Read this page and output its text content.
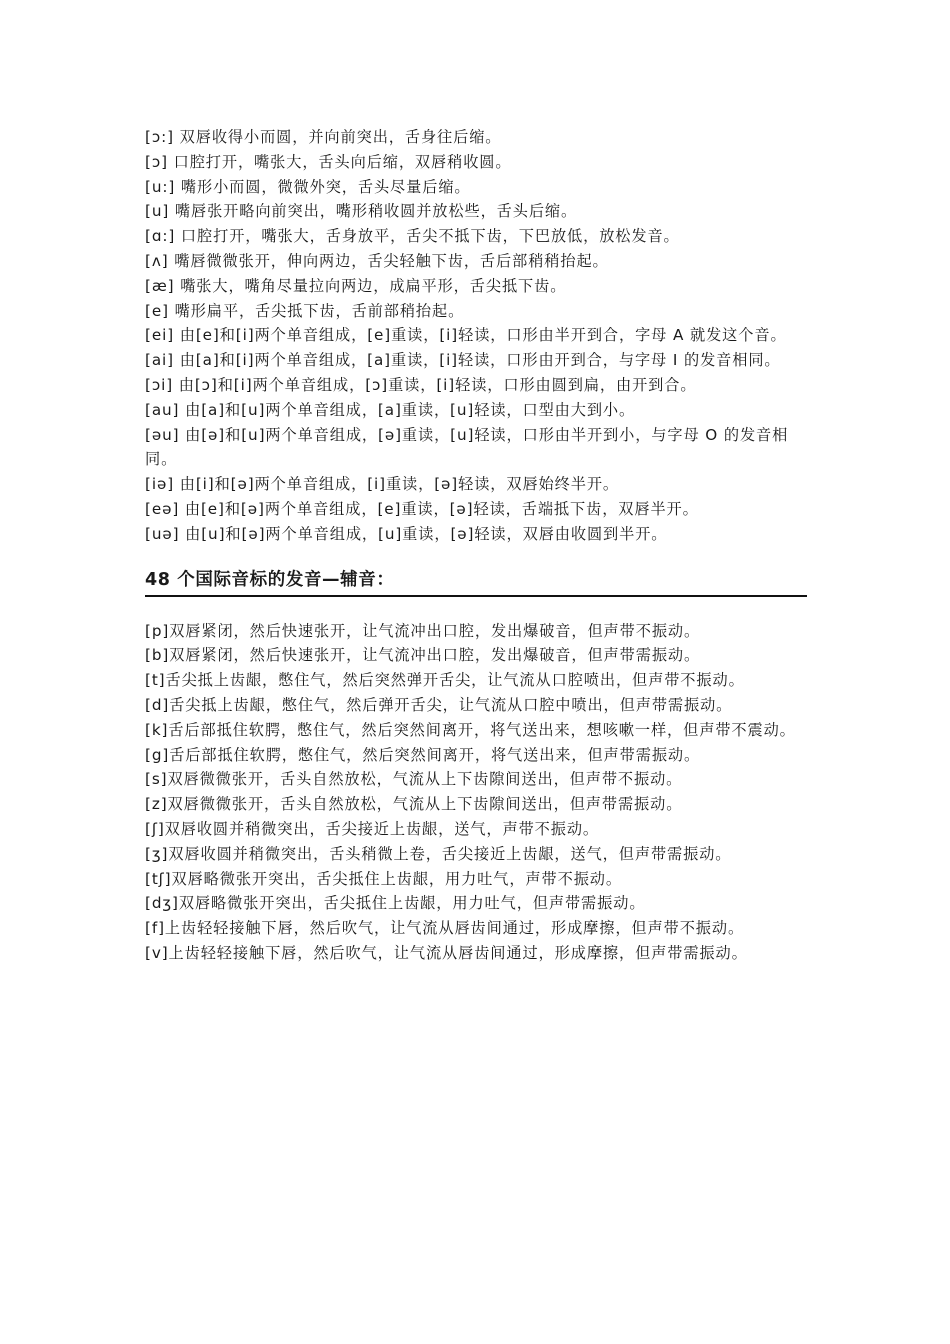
[ɔ:] 双唇收得小而圆，并向前突出，舌身往后缩。

[ɔ] 口腔打开，嘴张大，舌头向后缩，双唇稍收圆。

[u:] 嘴形小而圆，微微外突，舌头尽量后缩。

[u] 嘴唇张开略向前突出，嘴形稍收圆并放松些，舌头后缩。

[ɑ:] 口腔打开，嘴张大，舌身放平，舌尖不抵下齿，下巴放低，放松发音。

[ʌ] 嘴唇微微张开，伸向两边，舌尖轻触下齿，舌后部稍稍抬起。

[æ] 嘴张大，嘴角尽量拉向两边，成扁平形，舌尖抵下齿。

[e] 嘴形扁平，舌尖抵下齿，舌前部稍抬起。

[ei] 由[e]和[i]两个单音组成，[e]重读，[i]轻读，口形由半开到合，字母 A 就发这个音。

[ai] 由[a]和[i]两个单音组成，[a]重读，[i]轻读，口形由开到合，与字母 I 的发音相同。

[ɔi] 由[ɔ]和[i]两个单音组成，[ɔ]重读，[i]轻读，口形由圆到扁，由开到合。

[au] 由[a]和[u]两个单音组成，[a]重读，[u]轻读，口型由大到小。

[əu] 由[ə]和[u]两个单音组成，[ə]重读，[u]轻读，口形由半开到小，与字母 O 的发音相同。

[iə] 由[i]和[ə]两个单音组成，[i]重读，[ə]轻读，双唇始终半开。

[eə] 由[e]和[ə]两个单音组成，[e]重读，[ə]轻读，舌端抵下齿，双唇半开。

[uə] 由[u]和[ə]两个单音组成，[u]重读，[ə]轻读，双唇由收圆到半开。

48 个国际音标的发音—辅音：

[p]双唇紧闭，然后快速张开，让气流冲出口腔，发出爆破音，但声带不振动。

[b]双唇紧闭，然后快速张开，让气流冲出口腔，发出爆破音，但声带需振动。

[t]舌尖抵上齿龈，憋住气，然后突然弹开舌尖，让气流从口腔喷出，但声带不振动。

[d]舌尖抵上齿龈，憋住气，然后弹开舌尖，让气流从口腔中喷出，但声带需振动。

[k]舌后部抵住软腭，憋住气，然后突然间离开，将气送出来，想咳嗽一样，但声带不震动。

[g]舌后部抵住软腭，憋住气，然后突然间离开，将气送出来，但声带需振动。

[s]双唇微微张开，舌头自然放松，气流从上下齿隙间送出，但声带不振动。

[z]双唇微微张开，舌头自然放松，气流从上下齿隙间送出，但声带需振动。

[ʃ]双唇收圆并稍微突出，舌尖接近上齿龈，送气，声带不振动。

[ʒ]双唇收圆并稍微突出，舌头稍微上卷，舌尖接近上齿龈，送气，但声带需振动。

[tʃ]双唇略微张开突出，舌尖抵住上齿龈，用力吐气，声带不振动。

[dʒ]双唇略微张开突出，舌尖抵住上齿龈，用力吐气，但声带需振动。

[f]上齿轻轻接触下唇，然后吹气，让气流从唇齿间通过，形成摩擦，但声带不振动。

[v]上齿轻轻接触下唇，然后吹气，让气流从唇齿间通过，形成摩擦，但声带需振动。
